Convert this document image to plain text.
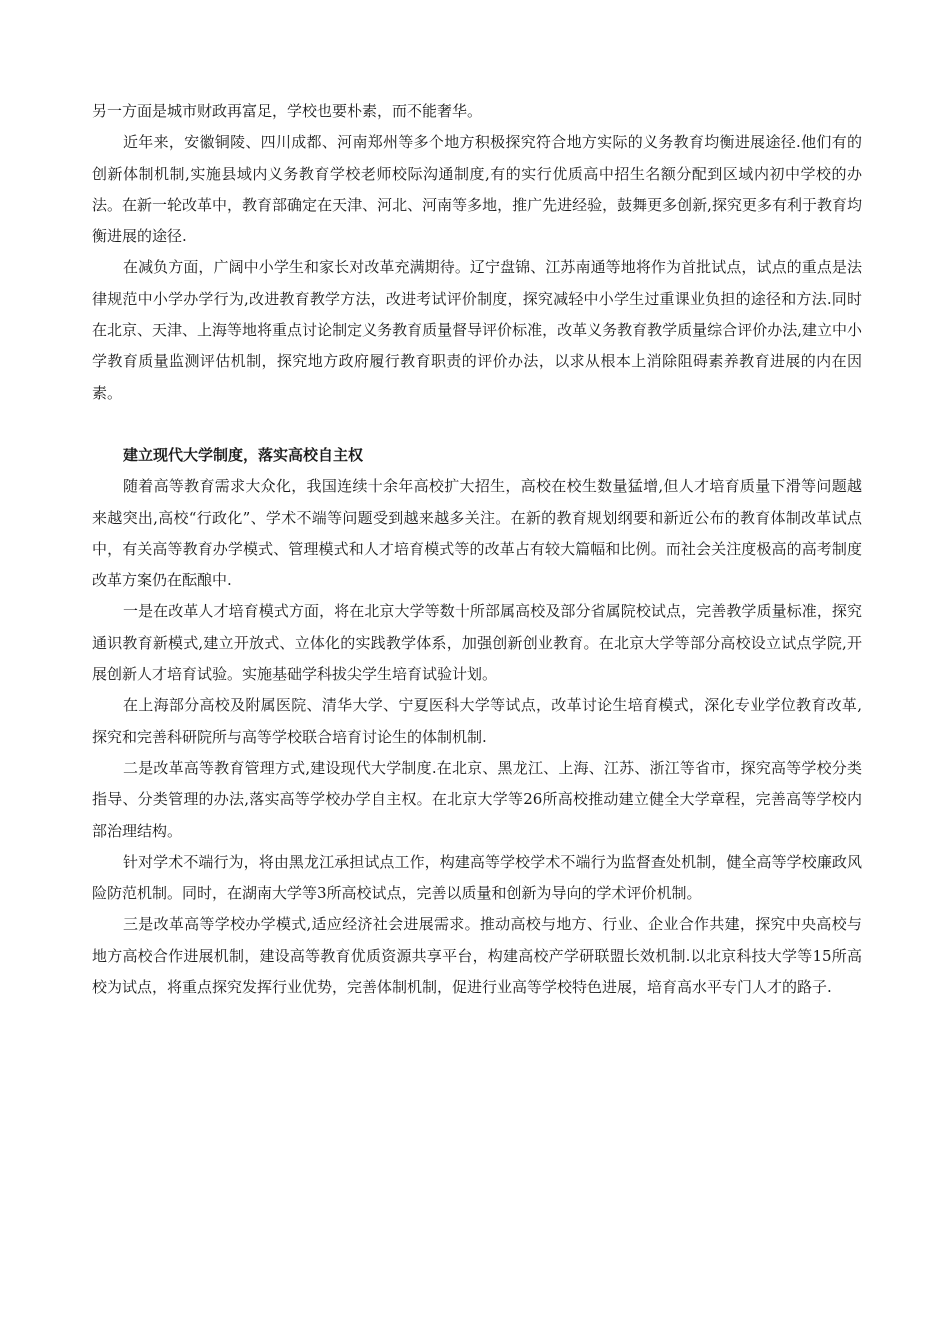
另一方面是城市财政再富足，学校也要朴素，而不能奢华。

近年来，安徽铜陵、四川成都、河南郑州等多个地方积极探究符合地方实际的义务教育均衡进展途径.他们有的创新体制机制,实施县域内义务教育学校老师校际沟通制度,有的实行优质高中招生名额分配到区域内初中学校的办法。在新一轮改革中，教育部确定在天津、河北、河南等多地，推广先进经验，鼓舞更多创新,探究更多有利于教育均衡进展的途径.

在减负方面，广阔中小学生和家长对改革充满期待。辽宁盘锦、江苏南通等地将作为首批试点，试点的重点是法律规范中小学办学行为,改进教育教学方法，改进考试评价制度，探究减轻中小学生过重课业负担的途径和方法.同时在北京、天津、上海等地将重点讨论制定义务教育质量督导评价标准，改革义务教育教学质量综合评价办法,建立中小学教育质量监测评估机制，探究地方政府履行教育职责的评价办法，以求从根本上消除阻碍素养教育进展的内在因素。

建立现代大学制度，落实高校自主权

随着高等教育需求大众化，我国连续十余年高校扩大招生，高校在校生数量猛增,但人才培育质量下滑等问题越来越突出,高校“行政化”、学术不端等问题受到越来越多关注。在新的教育规划纲要和新近公布的教育体制改革试点中，有关高等教育办学模式、管理模式和人才培育模式等的改革占有较大篇幅和比例。而社会关注度极高的高考制度改革方案仍在酝酿中.

一是在改革人才培育模式方面，将在北京大学等数十所部属高校及部分省属院校试点，完善教学质量标准，探究通识教育新模式,建立开放式、立体化的实践教学体系，加强创新创业教育。在北京大学等部分高校设立试点学院,开展创新人才培育试验。实施基础学科拔尖学生培育试验计划。

在上海部分高校及附属医院、清华大学、宁夏医科大学等试点，改革讨论生培育模式，深化专业学位教育改革,探究和完善科研院所与高等学校联合培育讨论生的体制机制.

二是改革高等教育管理方式,建设现代大学制度.在北京、黑龙江、上海、江苏、浙江等省市，探究高等学校分类指导、分类管理的办法,落实高等学校办学自主权。在北京大学等26所高校推动建立健全大学章程，完善高等学校内部治理结构。

针对学术不端行为，将由黑龙江承担试点工作，构建高等学校学术不端行为监督查处机制，健全高等学校廉政风险防范机制。同时，在湖南大学等3所高校试点，完善以质量和创新为导向的学术评价机制。

三是改革高等学校办学模式,适应经济社会进展需求。推动高校与地方、行业、企业合作共建，探究中央高校与地方高校合作进展机制，建设高等教育优质资源共享平台，构建高校产学研联盟长效机制.以北京科技大学等15所高校为试点，将重点探究发挥行业优势，完善体制机制，促进行业高等学校特色进展，培育高水平专门人才的路子.
